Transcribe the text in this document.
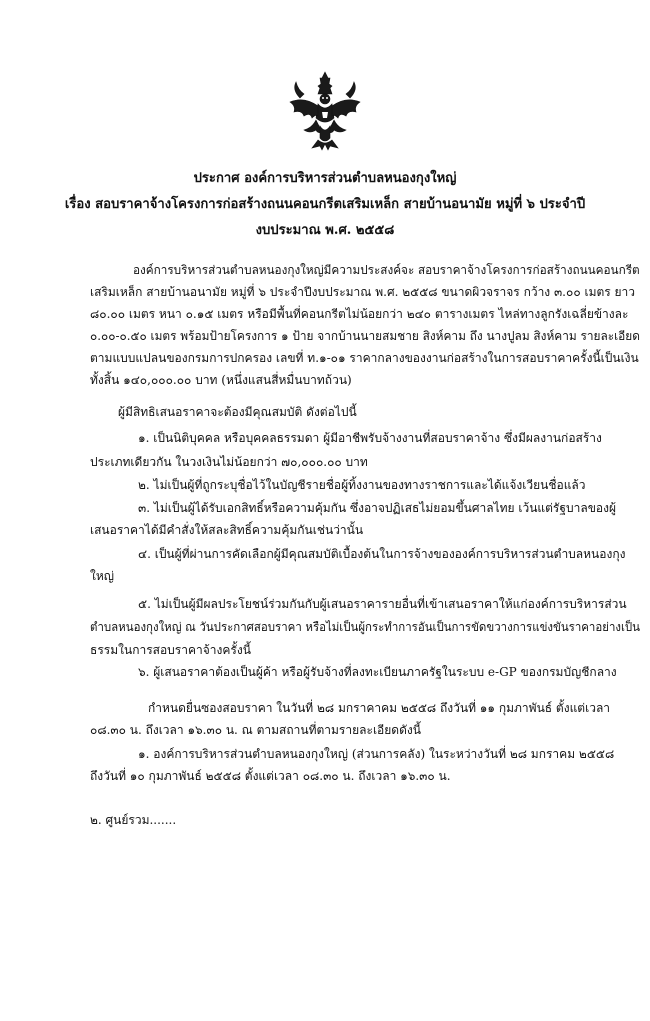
ประกาศ องค์การบริหารส่วนตำบลหนองกุงใหญ่
เรื่อง สอบราคาจ้างโครงการก่อสร้างถนนคอนกรีตเสริมเหล็ก สายบ้านอนามัย หมู่ที่ ๖ ประจำปี
งบประมาณ พ.ศ. ๒๕๕๘
องค์การบริหารส่วนตำบลหนองกุงใหญ่มีความประสงค์จะ สอบราคาจ้างโครงการก่อสร้างถนนคอนกรีต
เสริมเหล็ก สายบ้านอนามัย หมู่ที่ ๖ ประจำปีงบประมาณ พ.ศ. ๒๕๕๘ ขนาดผิวจราจร กว้าง ๓.๐๐ เมตร ยาว
๘๐.๐๐ เมตร หนา ๐.๑๕ เมตร หรือมีพื้นที่คอนกรีตไม่น้อยกว่า ๒๔๐ ตารางเมตร ไหล่ทางลูกรังเฉลี่ยข้างละ
๐.๐๐-๐.๕๐ เมตร พร้อมป้ายโครงการ ๑ ป้าย จากบ้านนายสมชาย สิงห์คาม ถึง นางปูลม สิงห์คาม รายละเอียด
ตามแบบแปลนของกรมการปกครอง เลขที่ ท.๑-๐๑ ราคากลางของงานก่อสร้างในการสอบราคาครั้งนี้เป็นเงิน
ทั้งสิ้น ๑๔๐,๐๐๐.๐๐ บาท (หนึ่งแสนสี่หมื่นบาทถ้วน)
ผู้มีสิทธิเสนอราคาจะต้องมีคุณสมบัติ ดังต่อไปนี้
๑. เป็นนิติบุคคล หรือบุคคลธรรมดา ผู้มีอาชีพรับจ้างงานที่สอบราคาจ้าง ซึ่งมีผลงานก่อสร้าง
ประเภทเดียวกัน ในวงเงินไม่น้อยกว่า ๗๐,๐๐๐.๐๐ บาท
๒. ไม่เป็นผู้ที่ถูกระบุชื่อไว้ในบัญชีรายชื่อผู้ทิ้งงานของทางราชการและได้แจ้งเวียนชื่อแล้ว
๓. ไม่เป็นผู้ได้รับเอกสิทธิ์หรือความคุ้มกัน ซึ่งอาจปฏิเสธไม่ยอมขึ้นศาลไทย เว้นแต่รัฐบาลของผู้
เสนอราคาได้มีคำสั่งให้สละสิทธิ์ความคุ้มกันเช่นว่านั้น
๔. เป็นผู้ที่ผ่านการคัดเลือกผู้มีคุณสมบัติเบื้องต้นในการจ้างขององค์การบริหารส่วนตำบลหนองกุง
ใหญ่
๕. ไม่เป็นผู้มีผลประโยชน์ร่วมกันกับผู้เสนอราคารายอื่นที่เข้าเสนอราคาให้แก่องค์การบริหารส่วน
ตำบลหนองกุงใหญ่ ณ วันประกาศสอบราคา หรือไม่เป็นผู้กระทำการอันเป็นการขัดขวางการแข่งขันราคาอย่างเป็น
ธรรมในการสอบราคาจ้างครั้งนี้
๖. ผู้เสนอราคาต้องเป็นผู้ค้า หรือผู้รับจ้างที่ลงทะเบียนภาครัฐในระบบ e-GP ของกรมบัญชีกลาง
กำหนดยื่นซองสอบราคา ในวันที่ ๒๘ มกราคาคม ๒๕๕๘ ถึงวันที่ ๑๑ กุมภาพันธ์ ตั้งแต่เวลา
๐๘.๓๐ น. ถึงเวลา ๑๖.๓๐ น. ณ ตามสถานที่ตามรายละเอียดดังนี้
๑. องค์การบริหารส่วนตำบลหนองกุงใหญ่ (ส่วนการคลัง) ในระหว่างวันที่ ๒๘ มกราคม ๒๕๕๘
ถึงวันที่ ๑๐ กุมภาพันธ์ ๒๕๕๘ ตั้งแต่เวลา ๐๘.๓๐ น. ถึงเวลา ๑๖.๓๐ น.
๒. ศูนย์รวม.......
